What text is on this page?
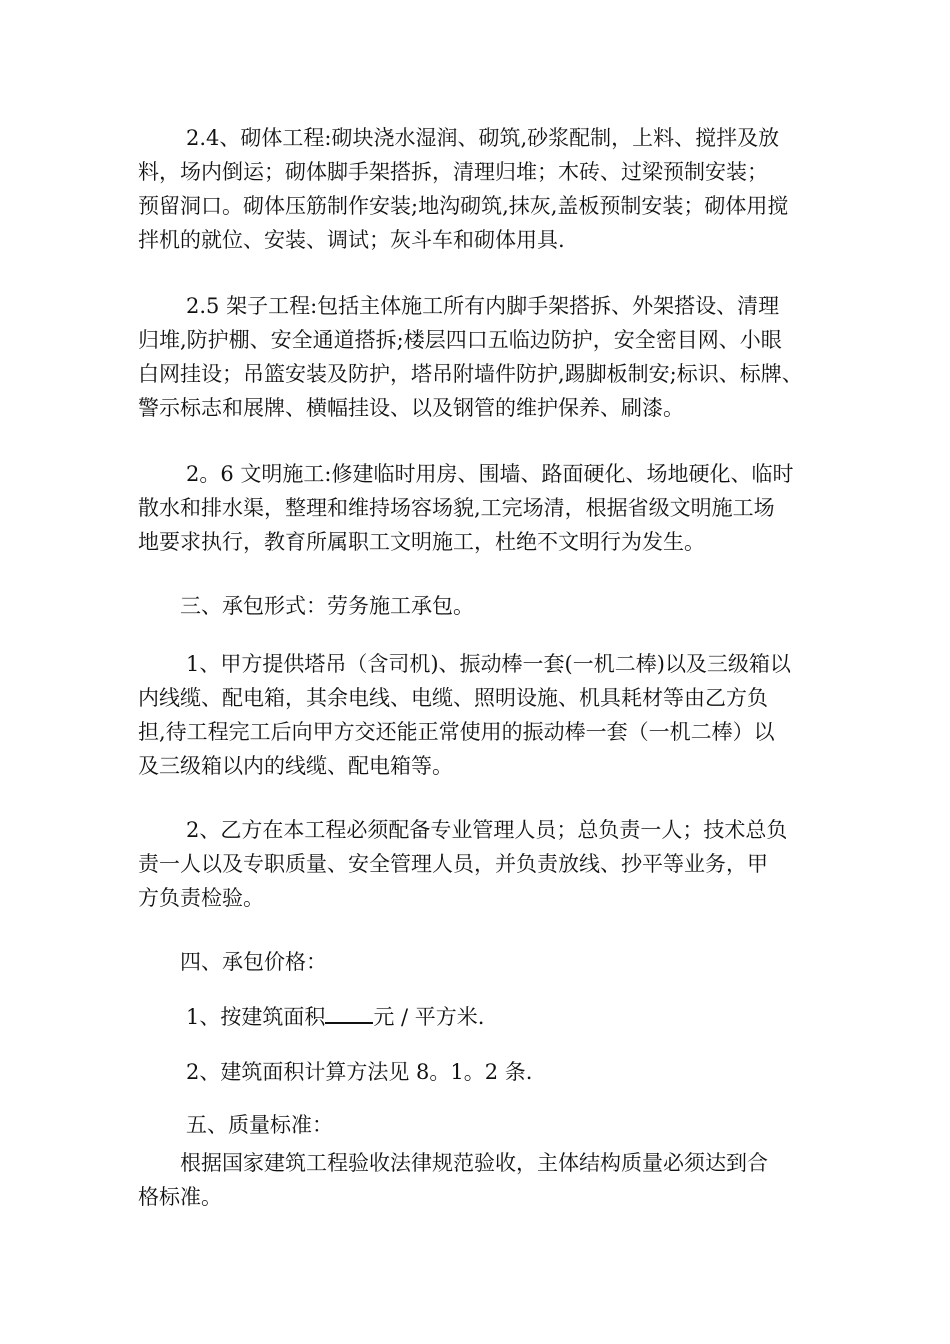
2.4、砌体工程:砌块浇水湿润、砌筑,砂浆配制，上料、搅拌及放
料，场内倒运；砌体脚手架搭拆，清理归堆；木砖、过梁预制安装；
预留洞口。砌体压筋制作安装;地沟砌筑,抹灰,盖板预制安装；砌体用搅
拌机的就位、安装、调试；灰斗车和砌体用具.
2.5 架子工程:包括主体施工所有内脚手架搭拆、外架搭设、清理
归堆,防护棚、安全通道搭拆;楼层四口五临边防护，安全密目网、小眼
白网挂设；吊篮安装及防护，塔吊附墙件防护,踢脚板制安;标识、标牌、
警示标志和展牌、横幅挂设、以及钢管的维护保养、刷漆。
2。6 文明施工:修建临时用房、围墙、路面硬化、场地硬化、临时
散水和排水渠，整理和维持场容场貌,工完场清，根据省级文明施工场
地要求执行，教育所属职工文明施工，杜绝不文明行为发生。
三、承包形式：劳务施工承包。
1、甲方提供塔吊（含司机)、振动棒一套(一机二棒)以及三级箱以
内线缆、配电箱，其余电线、电缆、照明设施、机具耗材等由乙方负
担,待工程完工后向甲方交还能正常使用的振动棒一套（一机二棒）以
及三级箱以内的线缆、配电箱等。
2、乙方在本工程必须配备专业管理人员；总负责一人；技术总负
责一人以及专职质量、安全管理人员，并负责放线、抄平等业务，甲
方负责检验。
四、承包价格：
1、按建筑面积 元 / 平方米.
2、建筑面积计算方法见 8。1。2 条.
五、质量标准：
根据国家建筑工程验收法律规范验收，主体结构质量必须达到合
格标准。
